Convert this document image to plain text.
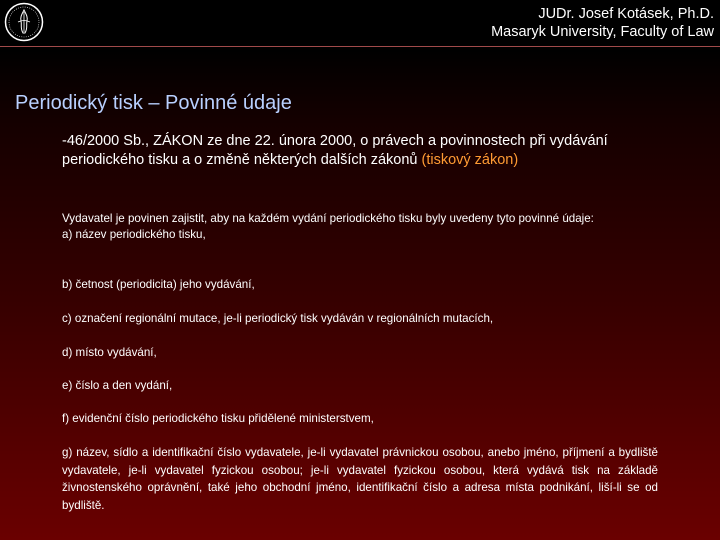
JUDr. Josef Kotásek, Ph.D.
Masaryk University, Faculty of Law
Periodický tisk – Povinné údaje
-46/2000 Sb., ZÁKON ze dne 22. února 2000, o právech a povinnostech při vydávání periodického tisku a o změně některých dalších zákonů (tiskový zákon)

Vydavatel je povinen zajistit, aby na každém vydání periodického tisku byly uvedeny tyto povinné údaje:

a) název periodického tisku,

b) četnost (periodicita) jeho vydávání,

c) označení regionální mutace, je-li periodický tisk vydáván v regionálních mutacích,

d) místo vydávání,

e) číslo a den vydání,

f) evidenční číslo periodického tisku přidělené ministerstvem,

g) název, sídlo a identifikační číslo vydavatele, je-li vydavatel právnickou osobou, anebo jméno, příjmení a bydliště vydavatele, je-li vydavatel fyzickou osobou; je-li vydavatel fyzickou osobou, která vydává tisk na základě živnostenského oprávnění, také jeho obchodní jméno, identifikační číslo a adresa místa podnikání, liší-li se od bydliště.
